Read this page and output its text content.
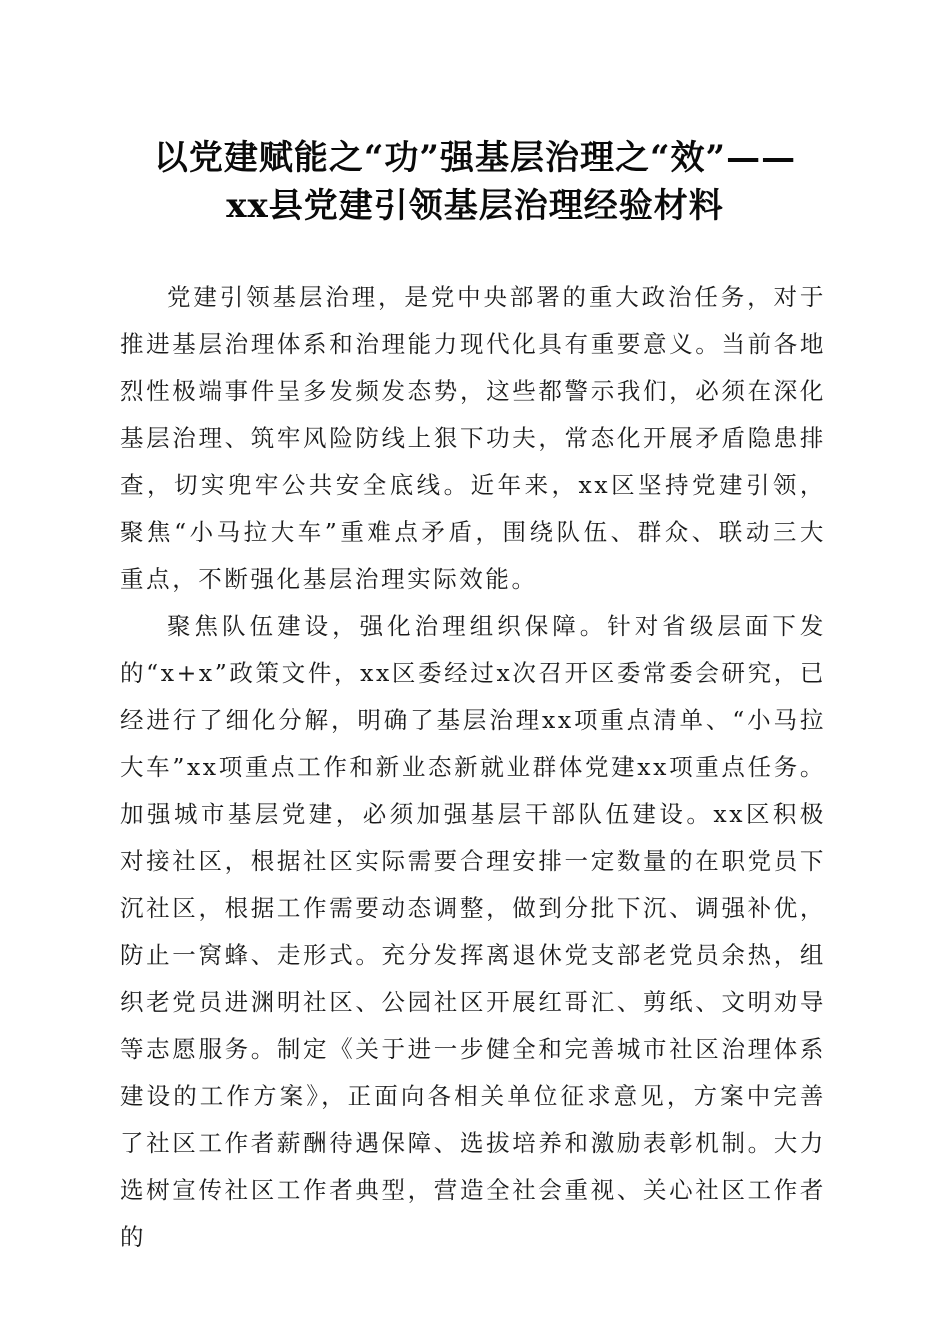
以党建赋能之“功”强基层治理之“效”——
xx县党建引领基层治理经验材料

党建引领基层治理，是党中央部署的重大政治任务，对于推进基层治理体系和治理能力现代化具有重要意义。当前各地烈性极端事件呈多发频发态势，这些都警示我们，必须在深化基层治理、筑牢风险防线上狠下功夫，常态化开展矛盾隐患排查，切实兜牢公共安全底线。近年来，xx区坚持党建引领，聚焦“小马拉大车”重难点矛盾，围绕队伍、群众、联动三大重点，不断强化基层治理实际效能。

聚焦队伍建设，强化治理组织保障。针对省级层面下发的“x+x”政策文件，xx区委经过x次召开区委常委会研究，已经进行了细化分解，明确了基层治理xx项重点清单、“小马拉大车”xx项重点工作和新业态新就业群体党建xx项重点任务。加强城市基层党建，必须加强基层干部队伍建设。xx区积极对接社区，根据社区实际需要合理安排一定数量的在职党员下沉社区，根据工作需要动态调整，做到分批下沉、调强补优，防止一窝蜂、走形式。充分发挥离退休党支部老党员余热，组织老党员进渊明社区、公园社区开展红哥汇、剪纸、文明劝导等志愿服务。制定《关于进一步健全和完善城市社区治理体系建设的工作方案》，正面向各相关单位征求意见，方案中完善了社区工作者薪酬待遇保障、选拔培养和激励表彰机制。大力选树宣传社区工作者典型，营造全社会重视、关心社区工作者的
